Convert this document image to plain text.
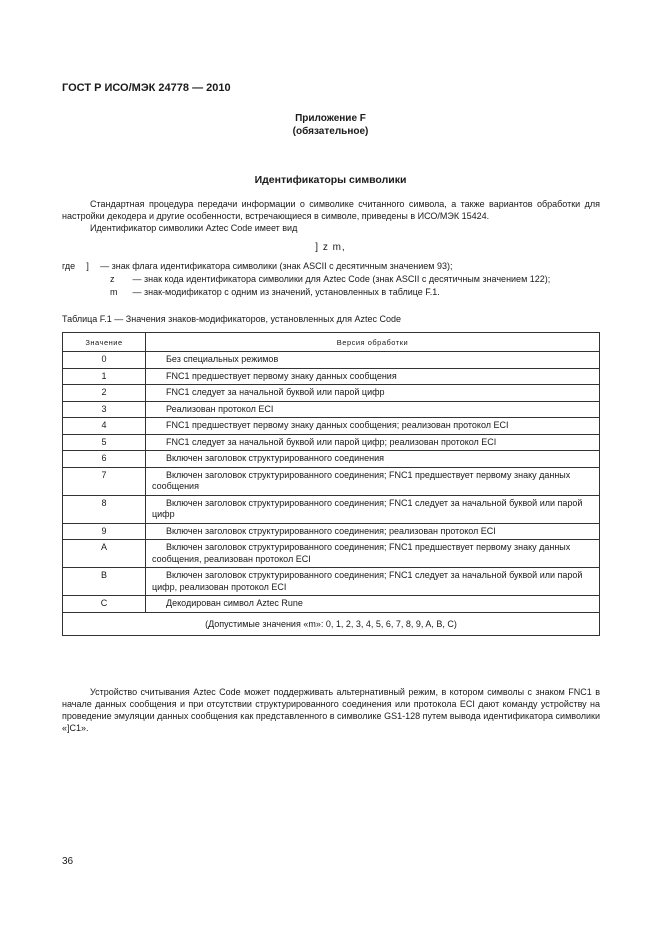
ГОСТ Р ИСО/МЭК 24778 — 2010
Приложение F
(обязательное)
Идентификаторы символики
Стандартная процедура передачи информации о символике считанного символа, а также вариантов обработки для настройки декодера и другие особенности, встречающиеся в символе, приведены в ИСО/МЭК 15424.
Идентификатор символики Aztec Code имеет вид
] z m,
где ] — знак флага идентификатора символики (знак ASCII с десятичным значением 93);
z — знак кода идентификатора символики для Aztec Code (знак ASCII с десятичным значением 122);
m — знак-модификатор с одним из значений, установленных в таблице F.1.
Таблица F.1 — Значения знаков-модификаторов, установленных для Aztec Code
Значение	Версия обработки
0	Без специальных режимов
1	FNC1 предшествует первому знаку данных сообщения
2	FNC1 следует за начальной буквой или парой цифр
3	Реализован протокол ECI
4	FNC1 предшествует первому знаку данных сообщения; реализован протокол ECI
5	FNC1 следует за начальной буквой или парой цифр; реализован протокол ECI
6	Включен заголовок структурированного соединения
7	Включен заголовок структурированного соединения; FNC1 предшествует первому знаку данных сообщения
8	Включен заголовок структурированного соединения; FNC1 следует за начальной буквой или парой цифр
9	Включен заголовок структурированного соединения; реализован протокол ECI
A	Включен заголовок структурированного соединения; FNC1 предшествует первому знаку данных сообщения, реализован протокол ECI
B	Включен заголовок структурированного соединения; FNC1 следует за начальной буквой или парой цифр, реализован протокол ECI
C	Декодирован символ Aztec Rune
(Допустимые значения «m»: 0, 1, 2, 3, 4, 5, 6, 7, 8, 9, A, B, C)	
Устройство считывания Aztec Code может поддерживать альтернативный режим, в котором символы с знаком FNC1 в начале данных сообщения и при отсутствии структурированного соединения или протокола ECI дают команду устройству на проведение эмуляции данных сообщения как представленного в символике GS1-128 путем вывода идентификатора символики «]C1».
36
